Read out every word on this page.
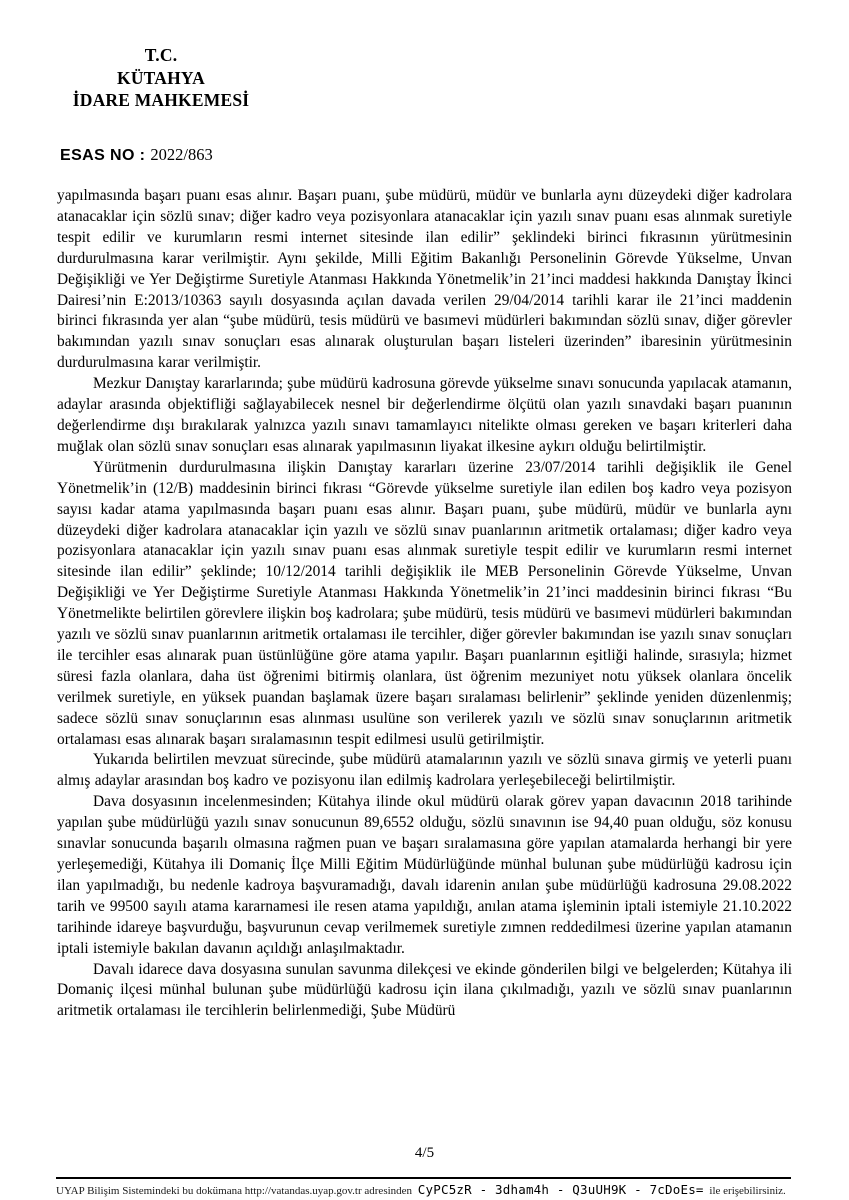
T.C.
KÜTAHYA
İDARE MAHKEMESİ
ESAS NO : 2022/863

yapılmasında başarı puanı esas alınır. Başarı puanı, şube müdürü, müdür ve bunlarla aynı düzeydeki diğer kadrolara atanacaklar için sözlü sınav; diğer kadro veya pozisyonlara atanacaklar için yazılı sınav puanı esas alınmak suretiyle tespit edilir ve kurumların resmi internet sitesinde ilan edilir” şeklindeki birinci fıkrasının yürütmesinin durdurulmasına karar verilmiştir. Aynı şekilde, Milli Eğitim Bakanlığı Personelinin Görevde Yükselme, Unvan Değişikliği ve Yer Değiştirme Suretiyle Atanması Hakkında Yönetmelik’in 21’inci maddesi hakkında Danıştay İkinci Dairesi’nin E:2013/10363 sayılı dosyasında açılan davada verilen 29/04/2014 tarihli karar ile 21’inci maddenin birinci fıkrasında yer alan “şube müdürü, tesis müdürü ve basımevi müdürleri bakımından sözlü sınav, diğer görevler bakımından yazılı sınav sonuçları esas alınarak oluşturulan başarı listeleri üzerinden” ibaresinin yürütmesinin durdurulmasına karar verilmiştir.

Mezkur Danıştay kararlarında; şube müdürü kadrosuna görevde yükselme sınavı sonucunda yapılacak atamanın, adaylar arasında objektifliği sağlayabilecek nesnel bir değerlendirme ölçütü olan yazılı sınavdaki başarı puanının değerlendirme dışı bırakılarak yalnızca yazılı sınavı tamamlayıcı nitelikte olması gereken ve başarı kriterleri daha muğlak olan sözlü sınav sonuçları esas alınarak yapılmasının liyakat ilkesine aykırı olduğu belirtilmiştir.

Yürütmenin durdurulmasına ilişkin Danıştay kararları üzerine 23/07/2014 tarihli değişiklik ile Genel Yönetmelik’in (12/B) maddesinin birinci fıkrası “Görevde yükselme suretiyle ilan edilen boş kadro veya pozisyon sayısı kadar atama yapılmasında başarı puanı esas alınır. Başarı puanı, şube müdürü, müdür ve bunlarla aynı düzeydeki diğer kadrolara atanacaklar için yazılı ve sözlü sınav puanlarının aritmetik ortalaması; diğer kadro veya pozisyonlara atanacaklar için yazılı sınav puanı esas alınmak suretiyle tespit edilir ve kurumların resmi internet sitesinde ilan edilir” şeklinde; 10/12/2014 tarihli değişiklik ile MEB Personelinin Görevde Yükselme, Unvan Değişikliği ve Yer Değiştirme Suretiyle Atanması Hakkında Yönetmelik’in 21’inci maddesinin birinci fıkrası “Bu Yönetmelikte belirtilen görevlere ilişkin boş kadrolara; şube müdürü, tesis müdürü ve basımevi müdürleri bakımından yazılı ve sözlü sınav puanlarının aritmetik ortalaması ile tercihler, diğer görevler bakımından ise yazılı sınav sonuçları ile tercihler esas alınarak puan üstünlüğüne göre atama yapılır. Başarı puanlarının eşitliği halinde, sırasıyla; hizmet süresi fazla olanlara, daha üst öğrenimi bitirmiş olanlara, üst öğrenim mezuniyet notu yüksek olanlara öncelik verilmek suretiyle, en yüksek puandan başlamak üzere başarı sıralaması belirlenir” şeklinde yeniden düzenlenmiş; sadece sözlü sınav sonuçlarının esas alınması usulüne son verilerek yazılı ve sözlü sınav sonuçlarının aritmetik ortalaması esas alınarak başarı sıralamasının tespit edilmesi usulü getirilmiştir.

Yukarıda belirtilen mevzuat sürecinde, şube müdürü atamalarının yazılı ve sözlü sınava girmiş ve yeterli puanı almış adaylar arasından boş kadro ve pozisyonu ilan edilmiş kadrolara yerleşebileceği belirtilmiştir.

Dava dosyasının incelenmesinden; Kütahya ilinde okul müdürü olarak görev yapan davacının 2018 tarihinde yapılan şube müdürlüğü yazılı sınav sonucunun 89,6552 olduğu, sözlü sınavının ise 94,40 puan olduğu, söz konusu sınavlar sonucunda başarılı olmasına rağmen puan ve başarı sıralamasına göre yapılan atamalarda herhangi bir yere yerleşemediği, Kütahya ili Domaniç İlçe Milli Eğitim Müdürlüğünde münhal bulunan şube müdürlüğü kadrosu için ilan yapılmadığı, bu nedenle kadroya başvuramadığı, davalı idarenin anılan şube müdürlüğü kadrosuna 29.08.2022 tarih ve 99500 sayılı atama kararnamesi ile resen atama yapıldığı, anılan atama işleminin iptali istemiyle 21.10.2022 tarihinde idareye başvurduğu, başvurunun cevap verilmemek suretiyle zımnen reddedilmesi üzerine yapılan atamanın iptali istemiyle bakılan davanın açıldığı anlaşılmaktadır.

Davalı idarece dava dosyasına sunulan savunma dilekçesi ve ekinde gönderilen bilgi ve belgelerden; Kütahya ili Domaniç ilçesi münhal bulunan şube müdürlüğü kadrosu için ilana çıkılmadığı, yazılı ve sözlü sınav puanlarının aritmetik ortalaması ile tercihlerin belirlenmediği, Şube Müdürü

4/5
UYAP Bilişim Sistemindeki bu dokümana http://vatandas.uyap.gov.tr adresinden CyPC5zR - 3dham4h - Q3uUH9K - 7cDoEs= ile erişebilirsiniz.
